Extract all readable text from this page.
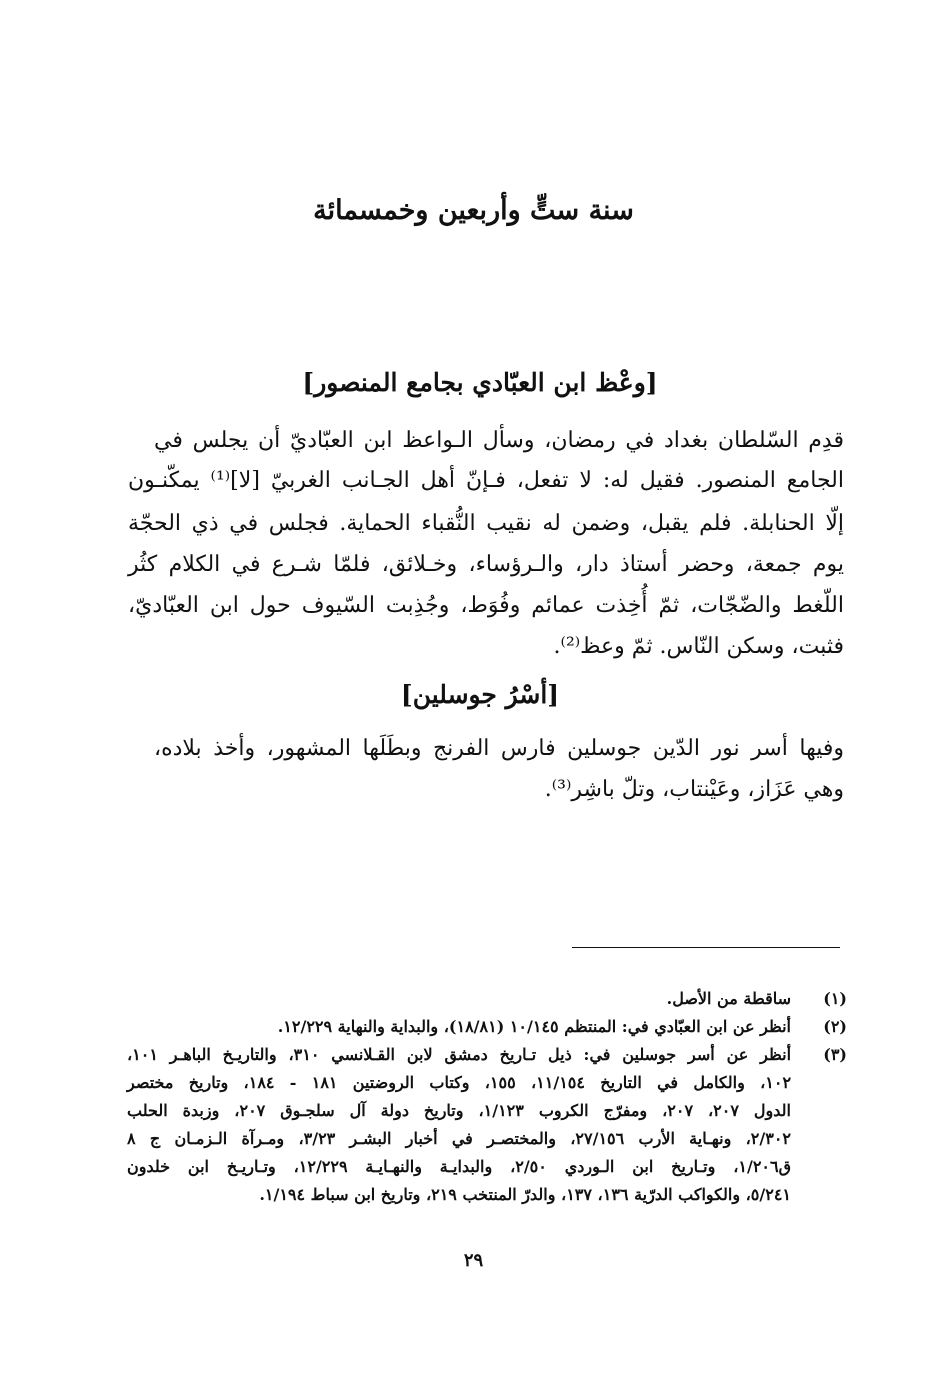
سنة ستٍّ وأربعين وخمسمائة
[وعْظ ابن العبّادي بجامع المنصور]
قدِم السّلطان بغداد في رمضان، وسأل الـواعظ ابن العبّاديّ أن يجلس في
الجامع المنصور. فقيل له: لا تفعل، فـإنّ أهل الجـانب الغربيّ [لا]⁽¹⁾ يمكّنـون
إلّا الحنابلة. فلم يقبل، وضمن له نقيب النُّقباء الحماية. فجلس في ذي الحجّة
يوم جمعة، وحضر أستاذ دار، والـرؤساء، وخـلائق، فلمّا شـرع في الكلام كثُر
اللّغط والضّجّات، ثمّ أُخِذت عمائم وفُوَط، وجُذِبت السّيوف حول ابن العبّاديّ،
فثبت، وسكن النّاس. ثمّ وعظ⁽²⁾.
[أسْرُ جوسلين]
وفيها أسر نور الدّين جوسلين فارس الفرنج وبطَلَها المشهور، وأخذ بلاده،
وهي عَزَاز، وعَيْنتاب، وتلّ باشِر⁽³⁾.
(١)
ساقطة من الأصل.
(٢)
أنظر عن ابن العبّادي في: المنتظم ١٠/١٤٥ (١٨/٨١)، والبداية والنهاية ١٢/٢٢٩.
(٣)
أنظر عن أسر جوسلين في: ذيل تـاريخ دمشق لابن القـلانسي ٣١٠، والتاريـخ الباهـر ١٠١،
١٠٢، والكامل في التاريخ ١١/١٥٤، ١٥٥، وكتاب الروضتين ١٨١ - ١٨٤، وتاريخ مختصر
الدول ٢٠٧، ٢٠٧، ومفرّج الكروب ١/١٢٣، وتاريخ دولة آل سلجـوق ٢٠٧، وزبدة الحلب
٢/٣٠٢، ونهـاية الأرب ٢٧/١٥٦، والمختصـر في أخبار البشـر ٣/٢٣، ومـرآة الـزمـان ج ٨
ق١/٢٠٦، وتـاريخ ابن الـوردي ٢/٥٠، والبدايـة والنهـايـة ١٢/٢٢٩، وتـاريـخ ابن خلدون
٥/٢٤١، والكواكب الدرّية ١٣٦، ١٣٧، والدرّ المنتخب ٢١٩، وتاريخ ابن سباط ١/١٩٤.
٢٩
